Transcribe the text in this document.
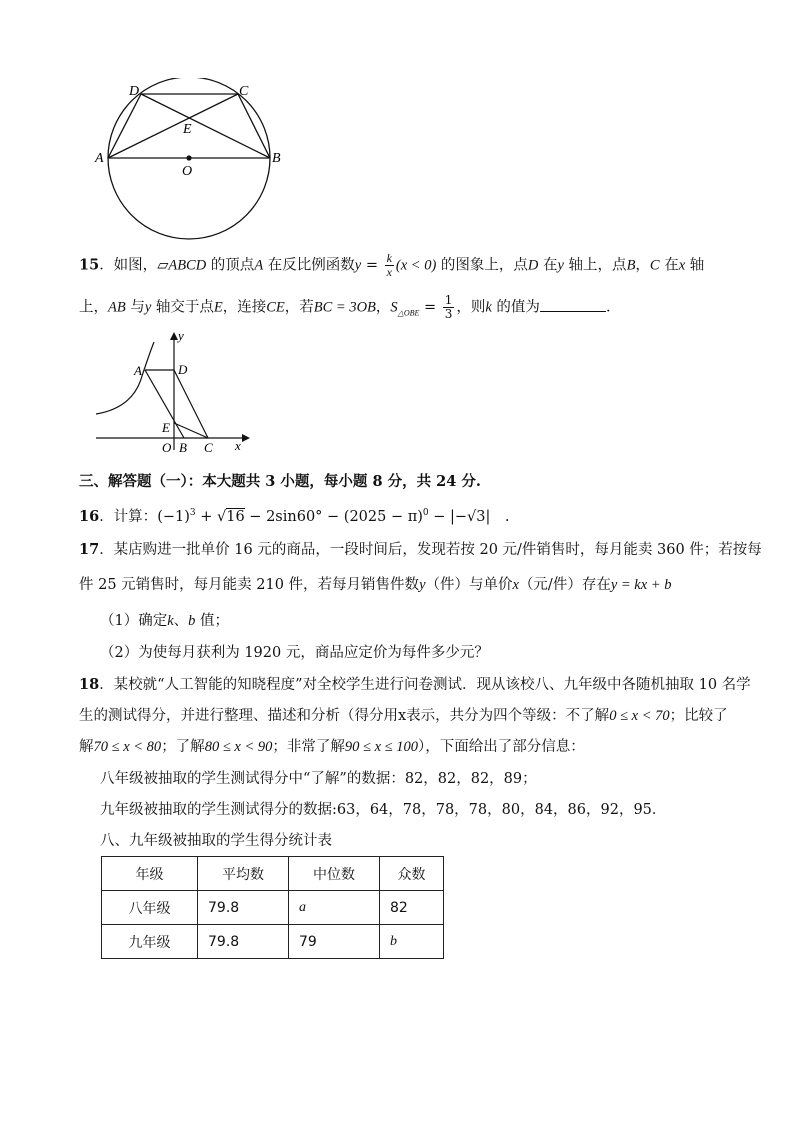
D	C
E
A
O
B
15．如图，▱ABCD 的顶点A 在反比例函数$y = \frac{k}{x} (x < 0)$ 的图象上，点D 在y 轴上，点B，C 在x 轴
上，AB 与y 轴交于点E，连接CE，若BC = 3OB，$S_{\triangle OBE} = \frac{1}{3}$ ，则k 的值为	．
y
A	D
E
O B C x
三、解答题（一）：本大题共 3 小题，每小题 8 分，共 24 分.
16．计算：$(-1)^3 + √16 - 2\sin 60^\circ - (2025 - \pi)^0 - |-√3|$　.
17．某店购进一批单价 16 元的商品，一段时间后，发现若按 20 元/件销售时，每月能卖 360 件；若按每
件 25 元销售时，每月能卖 210 件，若每月销售件数y（件）与单价x（元/件）存在y = kx + b
（1）确定k、b 值；
（2）为使每月获利为 1920 元，商品应定价为每件多少元？
18．某校就“人工智能的知晓程度”对全校学生进行问卷测试．现从该校八、九年级中各随机抽取 10 名学
生的测试得分，并进行整理、描述和分析（得分用x表示，共分为四个等级：不了解0 ≤ x < 70；比较了
解70 ≤ x < 80；了解80 ≤ x < 90；非常了解90 ≤ x ≤ 100），下面给出了部分信息：
八年级被抽取的学生测试得分中“了解”的数据：82，82，82，89；
九年级被抽取的学生测试得分的数据:63，64，78，78，78，80，84，86，92，95．
八、九年级被抽取的学生得分统计表
年级	平均数	中位数	众数
八年级	79.8	a	82
九年级	79.8	79	b
